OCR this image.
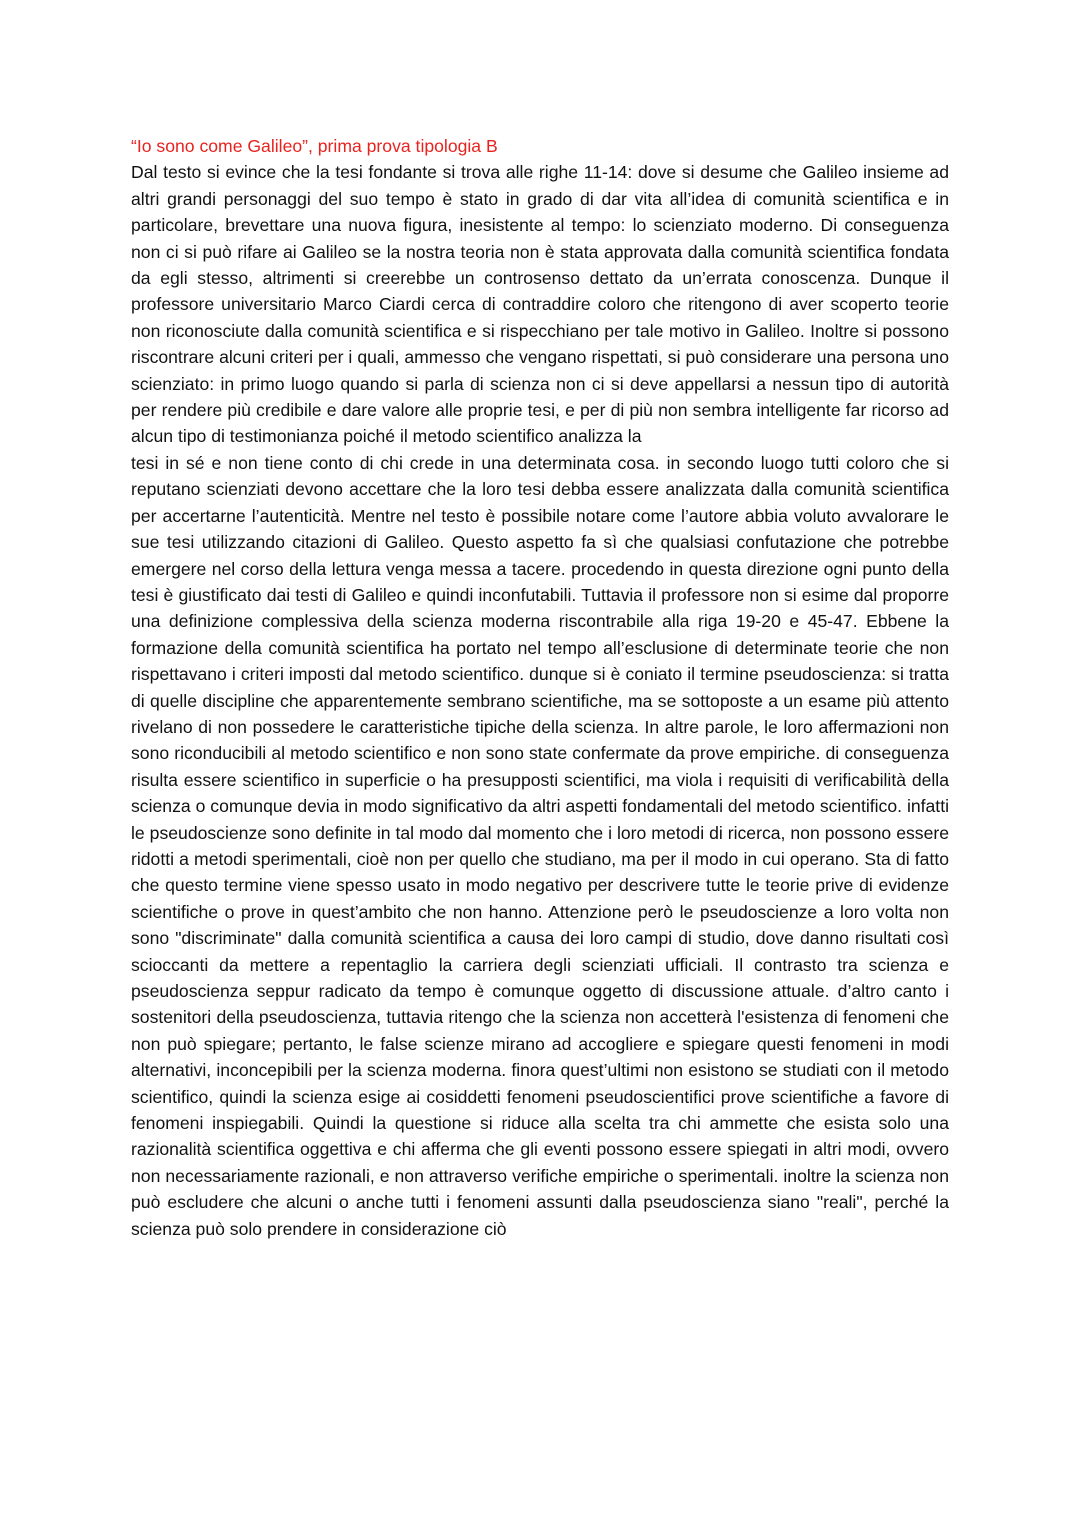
“Io sono come Galileo”, prima prova tipologia B

Dal testo si evince che la tesi fondante si trova alle righe 11-14: dove si desume che Galileo insieme ad altri grandi personaggi del suo tempo è stato in grado di dar vita all’idea di comunità scientifica e in particolare, brevettare una nuova figura, inesistente al tempo: lo scienziato moderno. Di conseguenza non ci si può rifare ai Galileo se la nostra teoria non è stata approvata dalla comunità scientifica fondata da egli stesso, altrimenti si creerebbe un controsenso dettato da un’errata conoscenza. Dunque il professore universitario Marco Ciardi cerca di contraddire coloro che ritengono di aver scoperto teorie non riconosciute dalla comunità scientifica e si rispecchiano per tale motivo in Galileo. Inoltre si possono riscontrare alcuni criteri per i quali, ammesso che vengano rispettati, si può considerare una persona uno scienziato: in primo luogo quando si parla di scienza non ci si deve appellarsi a nessun tipo di autorità per rendere più credibile e dare valore alle proprie tesi, e per di più non sembra intelligente far ricorso ad alcun tipo di testimonianza poiché il metodo scientifico analizza la

tesi in sé e non tiene conto di chi crede in una determinata cosa. in secondo luogo tutti coloro che si reputano scienziati devono accettare che la loro tesi debba essere analizzata dalla comunità scientifica per accertarne l’autenticità. Mentre nel testo è possibile notare come l’autore abbia voluto avvalorare le sue tesi utilizzando citazioni di Galileo. Questo aspetto fa sì che qualsiasi confutazione che potrebbe emergere nel corso della lettura venga messa a tacere. procedendo in questa direzione ogni punto della tesi è giustificato dai testi di Galileo e quindi inconfutabili. Tuttavia il professore non si esime dal proporre una definizione complessiva della scienza moderna riscontrabile alla riga 19-20 e 45-47. Ebbene la formazione della comunità scientifica ha portato nel tempo all’esclusione di determinate teorie che non rispettavano i criteri imposti dal metodo scientifico. dunque si è coniato il termine pseudoscienza: si tratta di quelle discipline che apparentemente sembrano scientifiche, ma se sottoposte a un esame più attento rivelano di non possedere le caratteristiche tipiche della scienza. In altre parole, le loro affermazioni non sono riconducibili al metodo scientifico e non sono state confermate da prove empiriche. di conseguenza risulta essere scientifico in superficie o ha presupposti scientifici, ma viola i requisiti di verificabilità della scienza o comunque devia in modo significativo da altri aspetti fondamentali del metodo scientifico. infatti le pseudoscienze sono definite in tal modo dal momento che i loro metodi di ricerca, non possono essere ridotti a metodi sperimentali, cioè non per quello che studiano, ma per il modo in cui operano. Sta di fatto che questo termine viene spesso usato in modo negativo per descrivere tutte le teorie prive di evidenze scientifiche o prove in quest’ambito che non hanno. Attenzione però le pseudoscienze a loro volta non sono "discriminate" dalla comunità scientifica a causa dei loro campi di studio, dove danno risultati così scioccanti da mettere a repentaglio la carriera degli scienziati ufficiali. Il contrasto tra scienza e pseudoscienza seppur radicato da tempo è comunque oggetto di discussione attuale. d’altro canto i sostenitori della pseudoscienza, tuttavia ritengo che la scienza non accetterà l'esistenza di fenomeni che non può spiegare; pertanto, le false scienze mirano ad accogliere e spiegare questi fenomeni in modi alternativi, inconcepibili per la scienza moderna. finora quest’ultimi non esistono se studiati con il metodo scientifico, quindi la scienza esige ai cosiddetti fenomeni pseudoscientifici prove scientifiche a favore di fenomeni inspiegabili. Quindi la questione si riduce alla scelta tra chi ammette che esista solo una razionalità scientifica oggettiva e chi afferma che gli eventi possono essere spiegati in altri modi, ovvero non necessariamente razionali, e non attraverso verifiche empiriche o sperimentali. inoltre la scienza non può escludere che alcuni o anche tutti i fenomeni assunti dalla pseudoscienza siano "reali", perché la scienza può solo prendere in considerazione ciò
